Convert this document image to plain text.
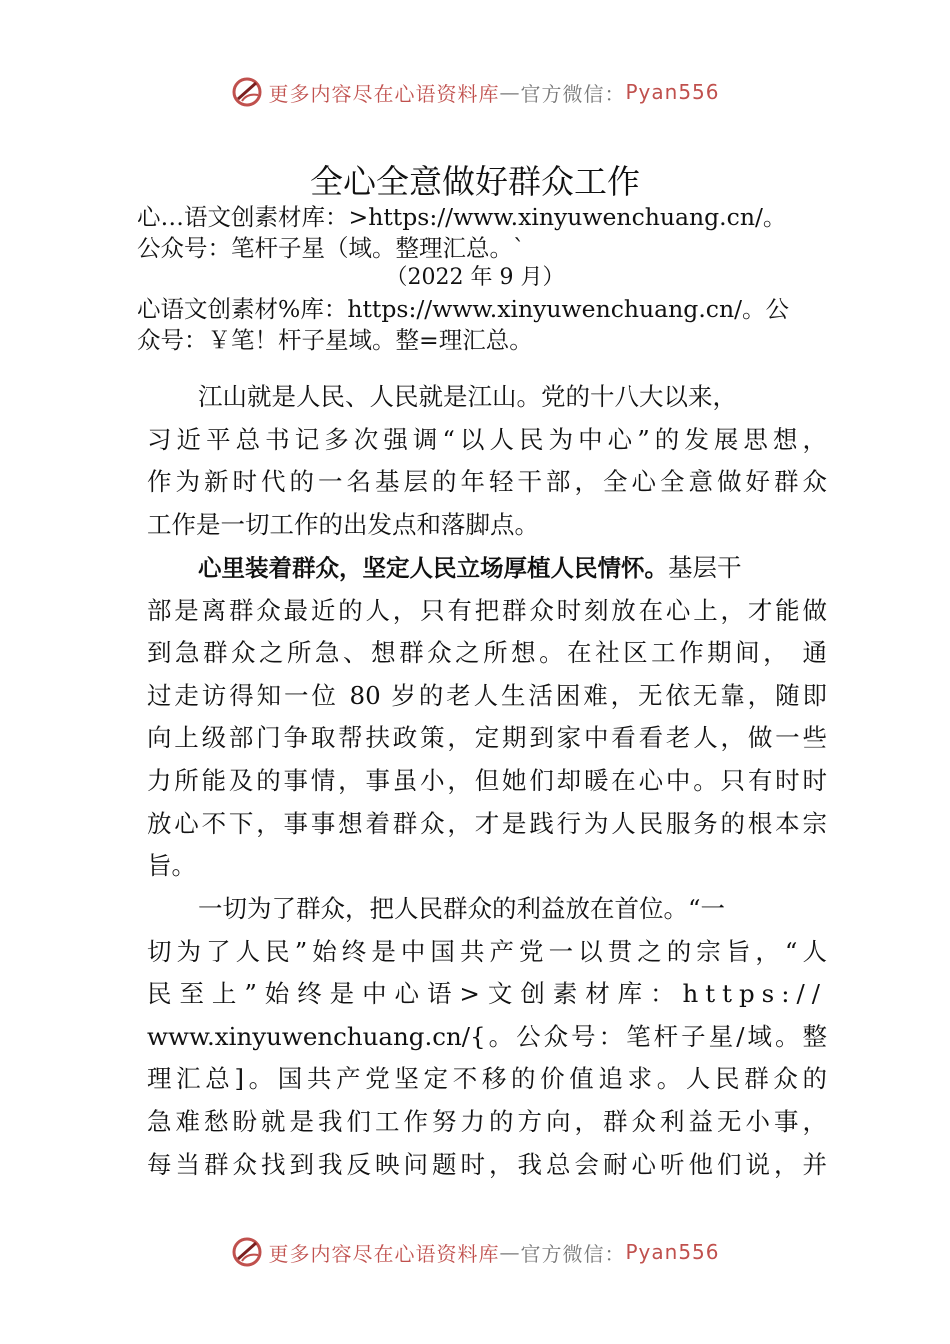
更多内容尽在心语资料库 — 官方微信： Pyan556
全心全意做好群众工作
心…语文创素材库：>https://www.xinyuwenchuang.cn/。
公众号：笔杆子星（域。整理汇总。`
（2022 年 9 月）
心语文创素材%库：https://www.xinyuwenchuang.cn/。公
众号：￥笔！杆子星域。整=理汇总。
江山就是人民、人民就是江山。党的十八大以来，
习近平总书记多次强调“以人民为中心”的发展思想，
作为新时代的一名基层的年轻干部，全心全意做好群众
工作是一切工作的出发点和落脚点。
心里装着群众，坚定人民立场厚植人民情怀。基层干
部是离群众最近的人，只有把群众时刻放在心上，才能做
到急群众之所急、想群众之所想。在社区工作期间， 通
过走访得知一位 80 岁的老人生活困难，无依无靠，随即
向上级部门争取帮扶政策，定期到家中看看老人，做一些
力所能及的事情，事虽小，但她们却暖在心中。只有时时
放心不下，事事想着群众，才是践行为人民服务的根本宗
旨。
一切为了群众，把人民群众的利益放在首位。“一
切为了人民”始终是中国共产党一以贯之的宗旨，“人
民至上”始终是中心语>文创素材库：https://
www.xinyuwenchuang.cn/{。公众号：笔杆子星/域。整
理汇总]。国共产党坚定不移的价值追求。人民群众的
急难愁盼就是我们工作努力的方向，群众利益无小事，
每当群众找到我反映问题时，我总会耐心听他们说，并
更多内容尽在心语资料库 — 官方微信： Pyan556
